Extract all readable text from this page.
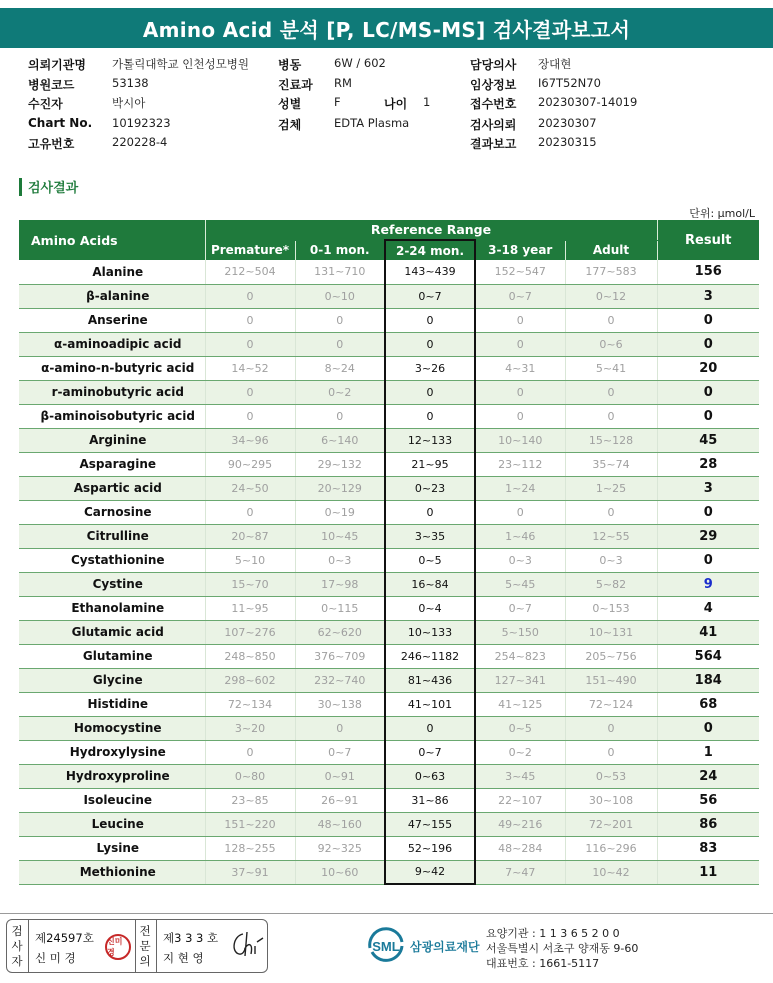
Amino Acid 분석 [P, LC/MS-MS] 검사결과보고서
의뢰기관명 가톨릭대학교 인천성모병원 병동	6W / 602	담당의사 장대현
병원코드	53138	진료과 RM	임상정보 I67T52N70
수진자	박시아	성별	F	나이 1	접수번호 20230307-14019
Chart No. 10192323	검체	EDTA Plasma	검사의뢰 20230307
고유번호	220228-4	결과보고 20230315
검사결과
단위: μmol/L
Amino Acids	Reference Range					Result
	Premature*	0-1 mon.	2-24 mon.	3-18 year	Adult	
Alanine	212~504	131~710	143~439	152~547	177~583	156
β-alanine	0	0~10	0~7	0~7	0~12	3
Anserine	0	0	0	0	0	0
α-aminoadipic acid	0	0	0	0	0~6	0
α-amino-n-butyric acid	14~52	8~24	3~26	4~31	5~41	20
r-aminobutyric acid	0	0~2	0	0	0	0
β-aminoisobutyric acid	0	0	0	0	0	0
Arginine	34~96	6~140	12~133	10~140	15~128	45
Asparagine	90~295	29~132	21~95	23~112	35~74	28
Aspartic acid	24~50	20~129	0~23	1~24	1~25	3
Carnosine	0	0~19	0	0	0	0
Citrulline	20~87	10~45	3~35	1~46	12~55	29
Cystathionine	5~10	0~3	0~5	0~3	0~3	0
Cystine	15~70	17~98	16~84	5~45	5~82	9
Ethanolamine	11~95	0~115	0~4	0~7	0~153	4
Glutamic acid	107~276	62~620	10~133	5~150	10~131	41
Glutamine	248~850	376~709	246~1182	254~823	205~756	564
Glycine	298~602	232~740	81~436	127~341	151~490	184
Histidine	72~134	30~138	41~101	41~125	72~124	68
Homocystine	3~20	0	0	0~5	0	0
Hydroxylysine	0	0~7	0~7	0~2	0	1
Hydroxyproline	0~80	0~91	0~63	3~45	0~53	24
Isoleucine	23~85	26~91	31~86	22~107	30~108	56
Leucine	151~220	48~160	47~155	49~216	72~201	86
Lysine	128~255	92~325	52~196	48~284	116~296	83
Methionine	37~91	10~60	9~42	7~47	10~42	11
검사자
제24597호
신 미 경
신미경
전문의
제3 3 3 호
지 현 영
SML 삼광의료재단
요양기관 : 1 1 3 6 5 2 0 0
서울특별시 서초구 양재동 9-60
대표번호 : 1661-5117
